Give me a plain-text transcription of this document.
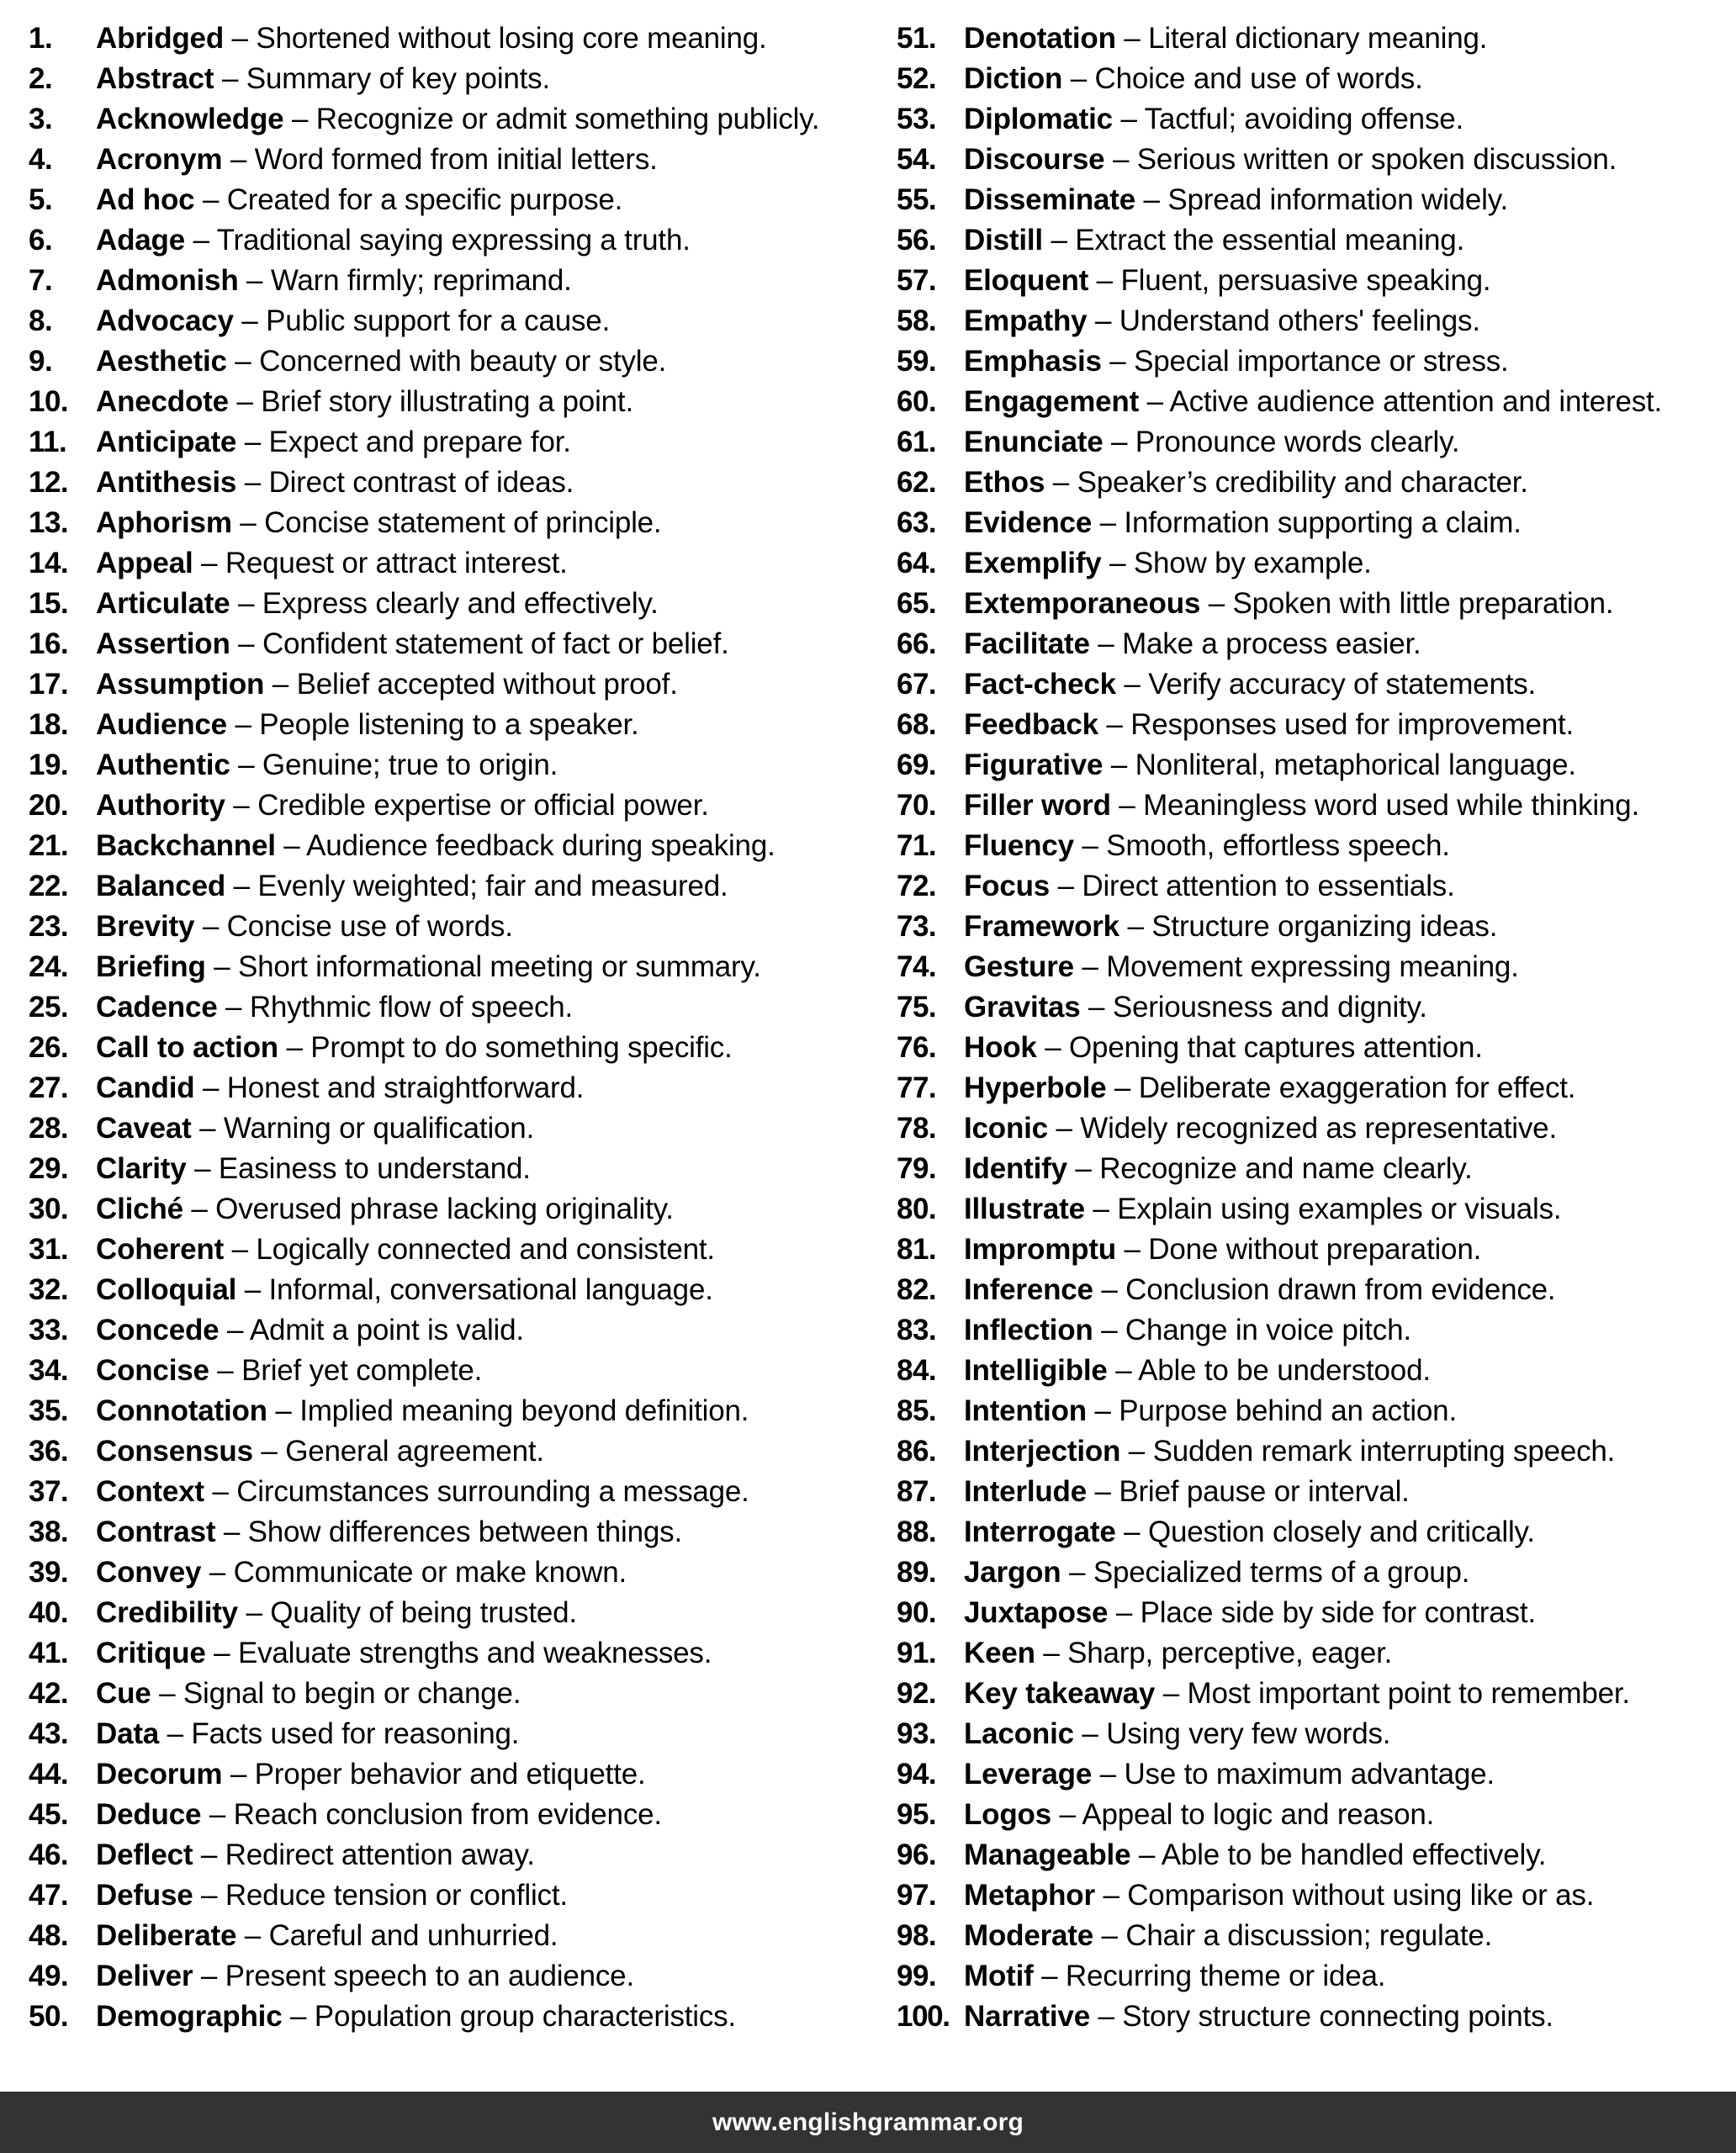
1.	Abridged – Shortened without losing core meaning.
2.	Abstract – Summary of key points.
3.	Acknowledge – Recognize or admit something publicly.
4.	Acronym – Word formed from initial letters.
5.	Ad hoc – Created for a specific purpose.
6.	Adage – Traditional saying expressing a truth.
7.	Admonish – Warn firmly; reprimand.
8.	Advocacy – Public support for a cause.
9.	Aesthetic – Concerned with beauty or style.
10. Anecdote – Brief story illustrating a point.
11. Anticipate – Expect and prepare for.
12. Antithesis – Direct contrast of ideas.
13. Aphorism – Concise statement of principle.
14. Appeal – Request or attract interest.
15. Articulate – Express clearly and effectively.
16. Assertion – Confident statement of fact or belief.
17. Assumption – Belief accepted without proof.
18. Audience – People listening to a speaker.
19. Authentic – Genuine; true to origin.
20. Authority – Credible expertise or official power.
21. Backchannel – Audience feedback during speaking.
22. Balanced – Evenly weighted; fair and measured.
23. Brevity – Concise use of words.
24. Briefing – Short informational meeting or summary.
25. Cadence – Rhythmic flow of speech.
26. Call to action – Prompt to do something specific.
27. Candid – Honest and straightforward.
28. Caveat – Warning or qualification.
29. Clarity – Easiness to understand.
30. Cliché – Overused phrase lacking originality.
31. Coherent – Logically connected and consistent.
32. Colloquial – Informal, conversational language.
33. Concede – Admit a point is valid.
34. Concise – Brief yet complete.
35. Connotation – Implied meaning beyond definition.
36. Consensus – General agreement.
37. Context – Circumstances surrounding a message.
38. Contrast – Show differences between things.
39. Convey – Communicate or make known.
40. Credibility – Quality of being trusted.
41. Critique – Evaluate strengths and weaknesses.
42. Cue – Signal to begin or change.
43. Data – Facts used for reasoning.
44. Decorum – Proper behavior and etiquette.
45. Deduce – Reach conclusion from evidence.
46. Deflect – Redirect attention away.
47. Defuse – Reduce tension or conflict.
48. Deliberate – Careful and unhurried.
49. Deliver – Present speech to an audience.
50. Demographic – Population group characteristics.
51. Denotation – Literal dictionary meaning.
52. Diction – Choice and use of words.
53. Diplomatic – Tactful; avoiding offense.
54. Discourse – Serious written or spoken discussion.
55. Disseminate – Spread information widely.
56. Distill – Extract the essential meaning.
57. Eloquent – Fluent, persuasive speaking.
58. Empathy – Understand others' feelings.
59. Emphasis – Special importance or stress.
60. Engagement – Active audience attention and interest.
61. Enunciate – Pronounce words clearly.
62. Ethos – Speaker’s credibility and character.
63. Evidence – Information supporting a claim.
64. Exemplify – Show by example.
65. Extemporaneous – Spoken with little preparation.
66. Facilitate – Make a process easier.
67. Fact-check – Verify accuracy of statements.
68. Feedback – Responses used for improvement.
69. Figurative – Nonliteral, metaphorical language.
70. Filler word – Meaningless word used while thinking.
71. Fluency – Smooth, effortless speech.
72. Focus – Direct attention to essentials.
73. Framework – Structure organizing ideas.
74. Gesture – Movement expressing meaning.
75. Gravitas – Seriousness and dignity.
76. Hook – Opening that captures attention.
77. Hyperbole – Deliberate exaggeration for effect.
78. Iconic – Widely recognized as representative.
79. Identify – Recognize and name clearly.
80. Illustrate – Explain using examples or visuals.
81. Impromptu – Done without preparation.
82. Inference – Conclusion drawn from evidence.
83. Inflection – Change in voice pitch.
84. Intelligible – Able to be understood.
85. Intention – Purpose behind an action.
86. Interjection – Sudden remark interrupting speech.
87. Interlude – Brief pause or interval.
88. Interrogate – Question closely and critically.
89. Jargon – Specialized terms of a group.
90. Juxtapose – Place side by side for contrast.
91. Keen – Sharp, perceptive, eager.
92. Key takeaway – Most important point to remember.
93. Laconic – Using very few words.
94. Leverage – Use to maximum advantage.
95. Logos – Appeal to logic and reason.
96. Manageable – Able to be handled effectively.
97. Metaphor – Comparison without using like or as.
98. Moderate – Chair a discussion; regulate.
99. Motif – Recurring theme or idea.
100. Narrative – Story structure connecting points.
www.englishgrammar.org
